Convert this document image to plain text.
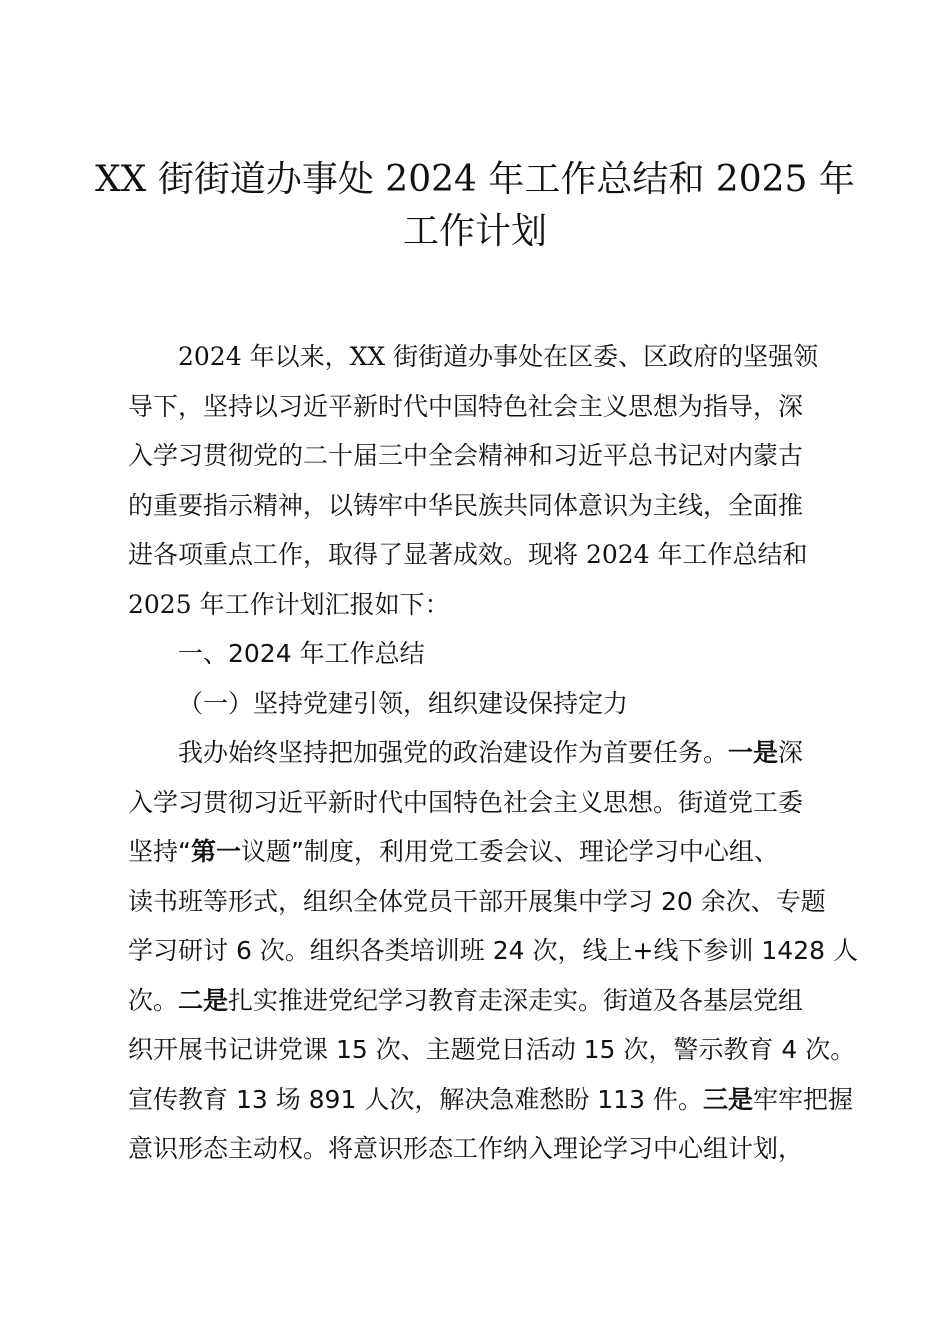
XX 街街道办事处 2024 年工作总结和 2025 年
工作计划
2024 年以来，XX 街街道办事处在区委、区政府的坚强领
导下，坚持以习近平新时代中国特色社会主义思想为指导，深
入学习贯彻党的二十届三中全会精神和习近平总书记对内蒙古
的重要指示精神，以铸牢中华民族共同体意识为主线，全面推
进各项重点工作，取得了显著成效。现将 2024 年工作总结和
2025 年工作计划汇报如下：
一、2024 年工作总结
（一）坚持党建引领，组织建设保持定力
我办始终坚持把加强党的政治建设作为首要任务。一是深
入学习贯彻习近平新时代中国特色社会主义思想。街道党工委
坚持“第一议题”制度，利用党工委会议、理论学习中心组、
读书班等形式，组织全体党员干部开展集中学习 20 余次、专题
学习研讨 6 次。组织各类培训班 24 次，线上+线下参训 1428 人
次。二是扎实推进党纪学习教育走深走实。街道及各基层党组
织开展书记讲党课 15 次、主题党日活动 15 次，警示教育 4 次。
宣传教育 13 场 891 人次，解决急难愁盼 113 件。三是牢牢把握
意识形态主动权。将意识形态工作纳入理论学习中心组计划，
